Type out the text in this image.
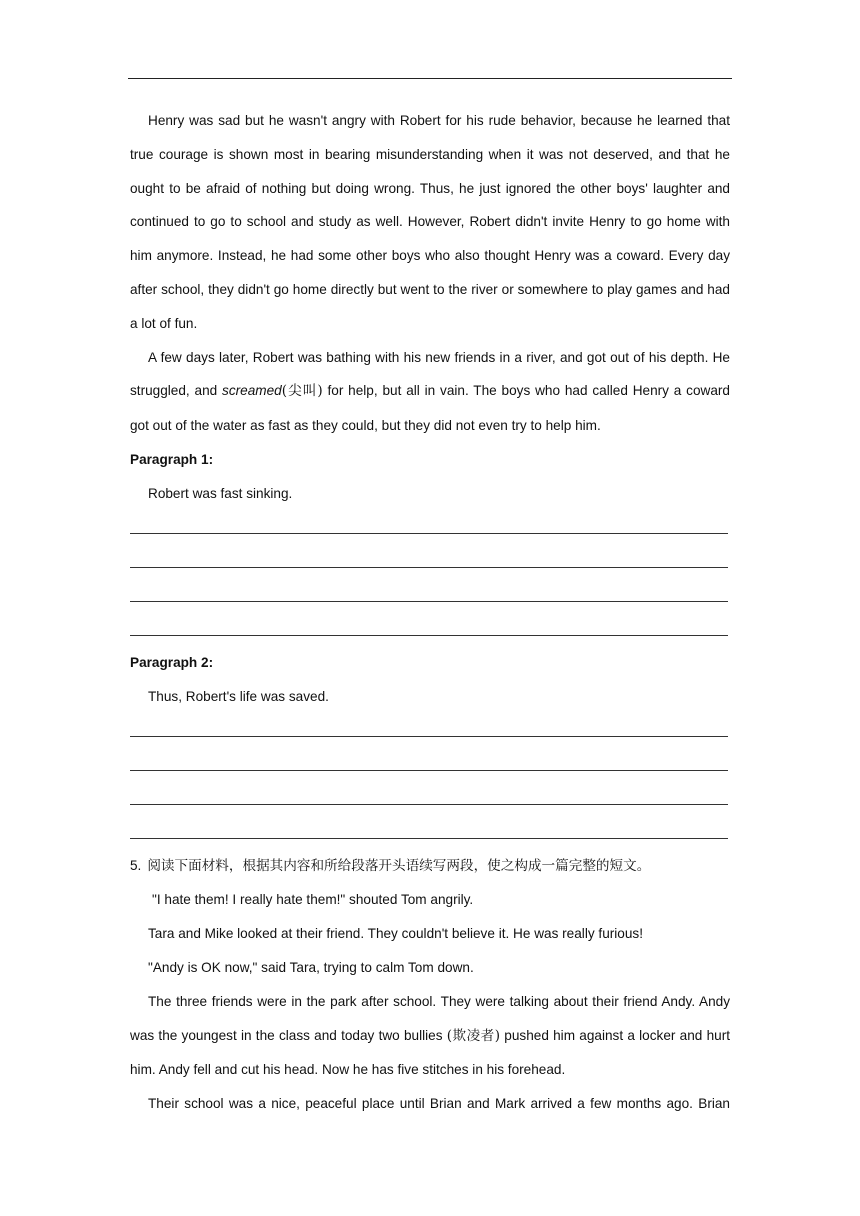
Henry was sad but he wasn't angry with Robert for his rude behavior, because he learned that true courage is shown most in bearing misunderstanding when it was not deserved, and that he ought to be afraid of nothing but doing wrong. Thus, he just ignored the other boys' laughter and continued to go to school and study as well. However, Robert didn't invite Henry to go home with him anymore. Instead, he had some other boys who also thought Henry was a coward. Every day after school, they didn't go home directly but went to the river or somewhere to play games and had a lot of fun.

A few days later, Robert was bathing with his new friends in a river, and got out of his depth. He struggled, and screamed(尖叫) for help, but all in vain. The boys who had called Henry a coward got out of the water as fast as they could, but they did not even try to help him.

Paragraph 1:

Robert was fast sinking.

Paragraph 2:

Thus, Robert's life was saved.

5. 阅读下面材料，根据其内容和所给段落开头语续写两段，使之构成一篇完整的短文。

"I hate them! I really hate them!" shouted Tom angrily.

Tara and Mike looked at their friend. They couldn't believe it. He was really furious!

"Andy is OK now," said Tara, trying to calm Tom down.

The three friends were in the park after school. They were talking about their friend Andy. Andy was the youngest in the class and today two bullies (欺凌者) pushed him against a locker and hurt him. Andy fell and cut his head. Now he has five stitches in his forehead.

Their school was a nice, peaceful place until Brian and Mark arrived a few months ago. Brian
